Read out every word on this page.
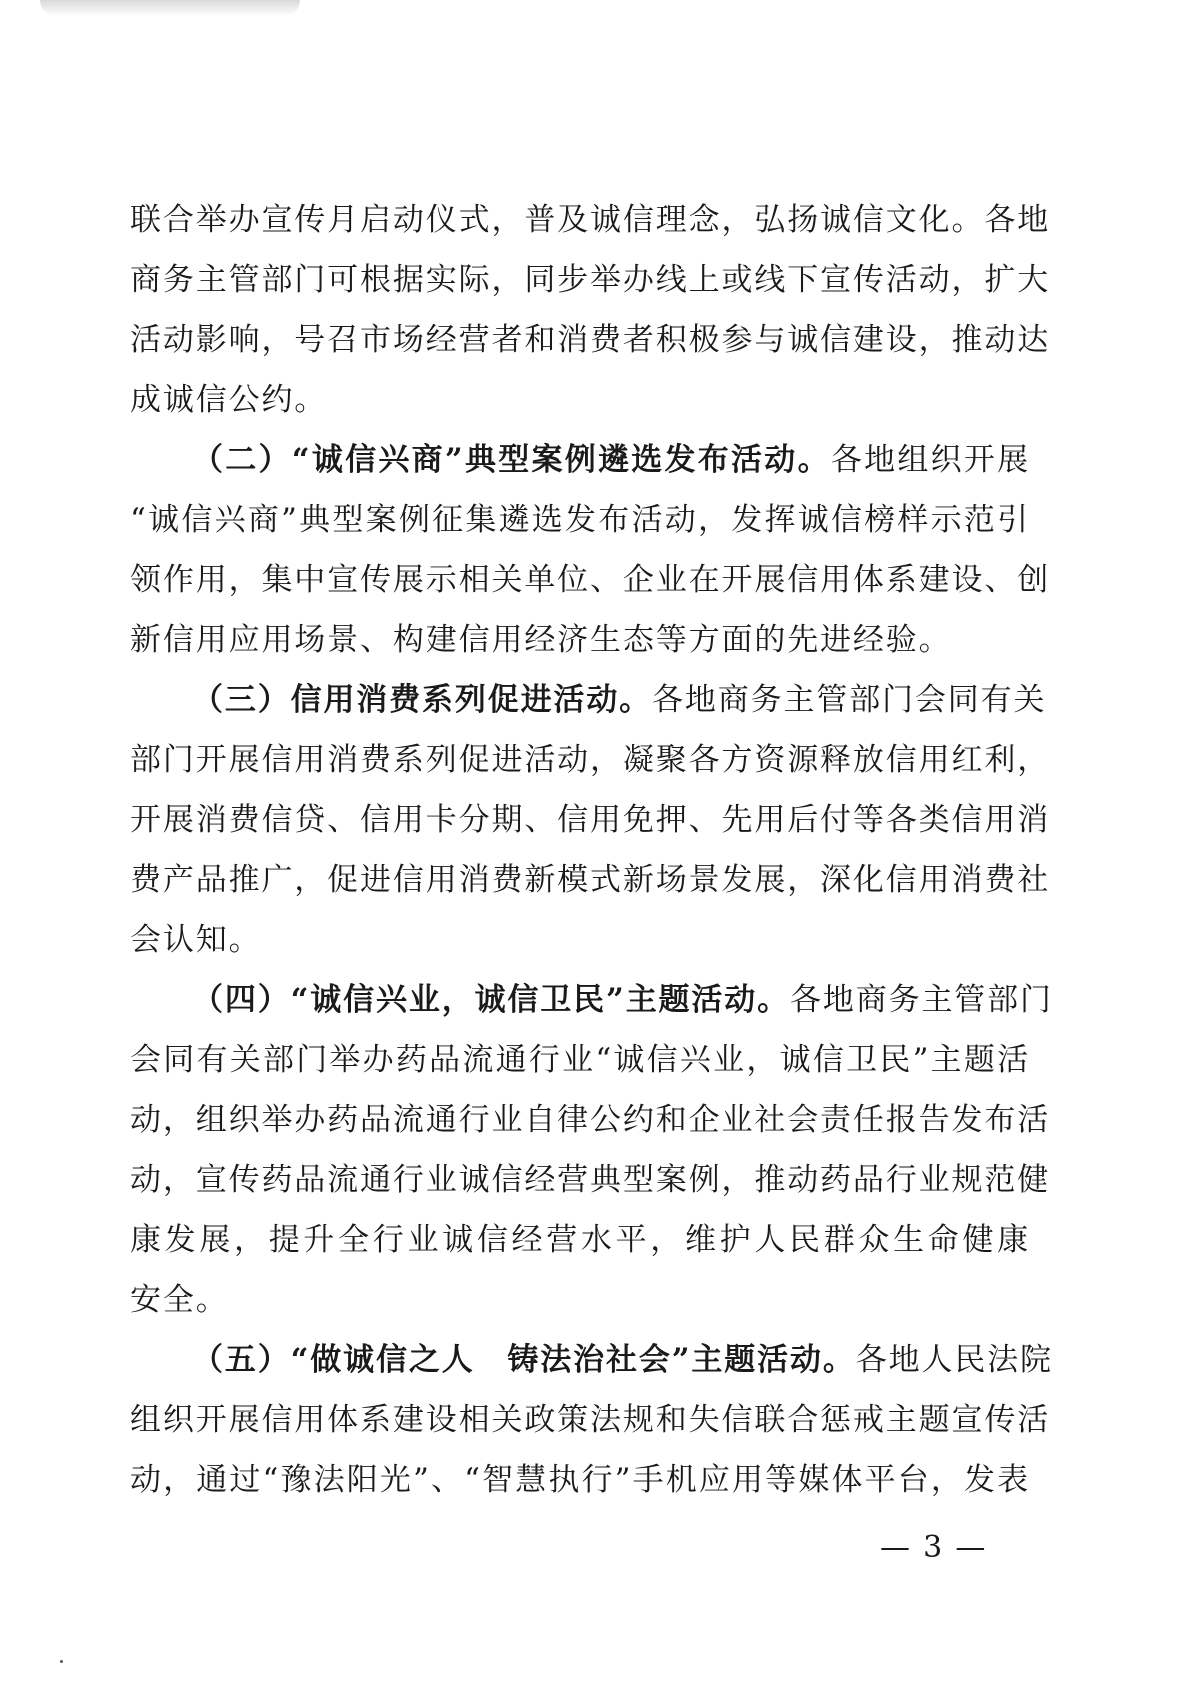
联合举办宣传月启动仪式，普及诚信理念，弘扬诚信文化。各地
商务主管部门可根据实际，同步举办线上或线下宣传活动，扩大
活动影响，号召市场经营者和消费者积极参与诚信建设，推动达
成诚信公约。
（二）“诚信兴商”典型案例遴选发布活动。各地组织开展
“诚信兴商”典型案例征集遴选发布活动，发挥诚信榜样示范引
领作用，集中宣传展示相关单位、企业在开展信用体系建设、创
新信用应用场景、构建信用经济生态等方面的先进经验。
（三）信用消费系列促进活动。各地商务主管部门会同有关
部门开展信用消费系列促进活动，凝聚各方资源释放信用红利，
开展消费信贷、信用卡分期、信用免押、先用后付等各类信用消
费产品推广，促进信用消费新模式新场景发展，深化信用消费社
会认知。
（四）“诚信兴业，诚信卫民”主题活动。各地商务主管部门
会同有关部门举办药品流通行业“诚信兴业，诚信卫民”主题活
动，组织举办药品流通行业自律公约和企业社会责任报告发布活
动，宣传药品流通行业诚信经营典型案例，推动药品行业规范健
康发展，提升全行业诚信经营水平，维护人民群众生命健康
安全。
（五）“做诚信之人　铸法治社会”主题活动。各地人民法院
组织开展信用体系建设相关政策法规和失信联合惩戒主题宣传活
动，通过“豫法阳光”、“智慧执行”手机应用等媒体平台，发表
— 3 —
